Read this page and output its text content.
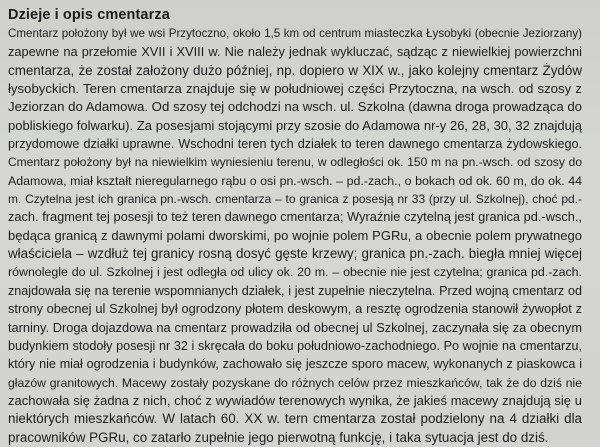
Dzieje i opis cmentarza
Cmentarz położony był we wsi Przytoczno, około 1,5 km od centrum miasteczka Łysobyki (obecnie Jeziorzany)
zapewne na przełomie XVII i XVIII w. Nie należy jednak wykluczać, sądząc z niewielkiej powierzchni
cmentarza, że został założony dużo później, np. dopiero w XIX w., jako kolejny cmentarz Żydów
łysobyckich. Teren cmentarza znajduje się w południowej części Przytoczna, na wsch. od szosy z
Jeziorzan do Adamowa. Od szosy tej odchodzi na wsch. ul. Szkolna (dawna droga prowadząca do
pobliskiego folwarku). Za posesjami stojącymi przy szosie do Adamowa nr-y 26, 28, 30, 32 znajdują
przydomowe działki uprawne. Wschodni teren tych działek to teren dawnego cmentarza żydowskiego.
Cmentarz położony był na niewielkim wyniesieniu terenu, w odległości ok. 150 m na pn.-wsch. od szosy do
Adamowa, miał kształt nieregularnego rąbu o osi pn.-wsch. – pd.-zach., o bokach od ok. 60 m, do ok. 44
m. Czytelna jest ich granica pn.-wsch. cmentarza – to granica z posesją nr 33 (przy ul. Szkolnej), choć pd.-
zach. fragment tej posesji to też teren dawnego cmentarza; Wyraźnie czytelną jest granica pd.-wsch.,
będąca granicą z dawnymi polami dworskimi, po wojnie polem PGRu, a obecnie polem prywatnego
właściciela – wzdłuż tej granicy rosną dosyć gęste krzewy; granica pn.-zach. biegła mniej więcej
równolegle do ul. Szkolnej i jest odległa od ulicy ok. 20 m. – obecnie nie jest czytelna; granica pd.-zach.
znajdowała się na terenie wspomnianych działek, i jest zupełnie nieczytelna. Przed wojną cmentarz od
strony obecnej ul Szkolnej był ogrodzony płotem deskowym, a resztę ogrodzenia stanowił żywopłot z
tarniny. Droga dojazdowa na cmentarz prowadziła od obecnej ul Szkolnej, zaczynała się za obecnym
budynkiem stodoły posesji nr 32 i skręcała do boku południowo-zachodniego. Po wojnie na cmentarzu,
który nie miał ogrodzenia i budynków, zachowało się jeszcze sporo macew, wykonanych z piaskowca i
głazów granitowych. Macewy zostały pozyskane do różnych celów przez mieszkańców, tak że do dziś nie
zachowała się żadna z nich, choć z wywiadów terenowych wynika, że jakieś macewy znajdują się u
niektórych mieszkańców. W latach 60. XX w. tern cmentarza został podzielony na 4 działki dla
pracowników PGRu, co zatarło zupełnie jego pierwotną funkcję, i taka sytuacja jest do dziś.
